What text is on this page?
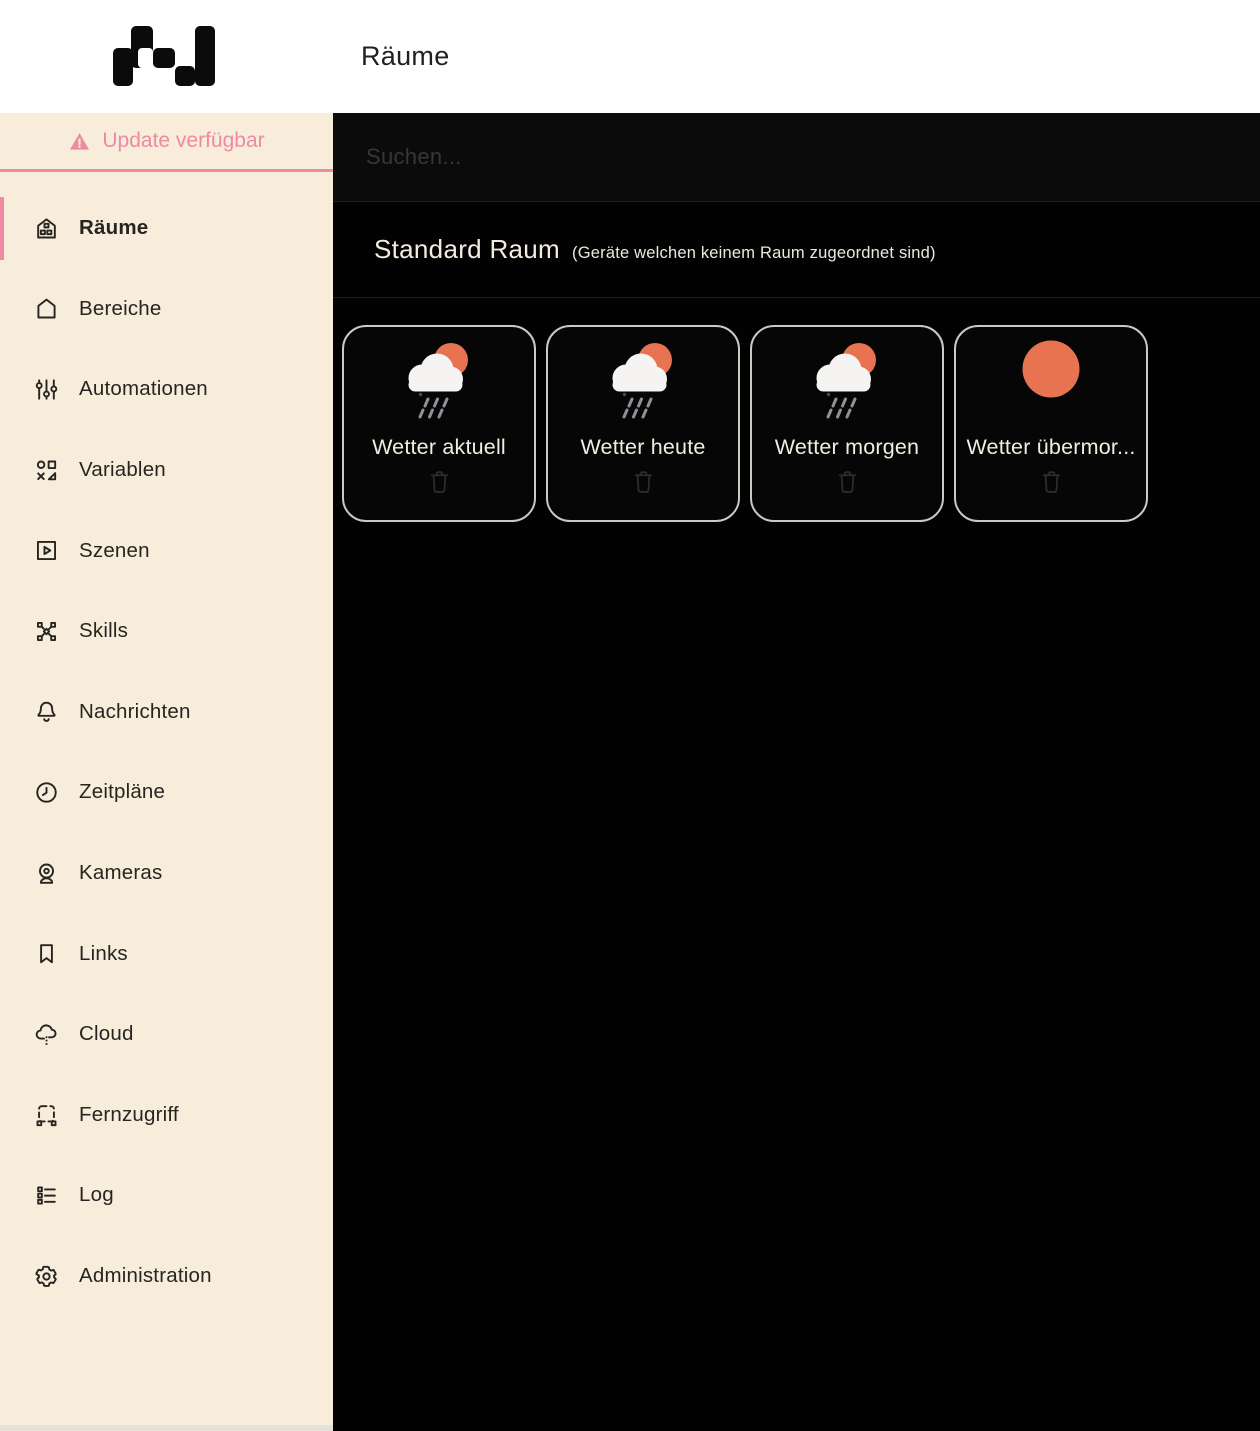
Räume
Update verfügbar
Räume
Bereiche
Automationen
Variablen
Szenen
Skills
Nachrichten
Zeitpläne
Kameras
Links
Cloud
Fernzugriff
Log
Administration
Suchen...
Standard Raum (Geräte welchen keinem Raum zugeordnet sind)
Wetter aktuell	Wetter heute	Wetter morgen Wetter übermor...
